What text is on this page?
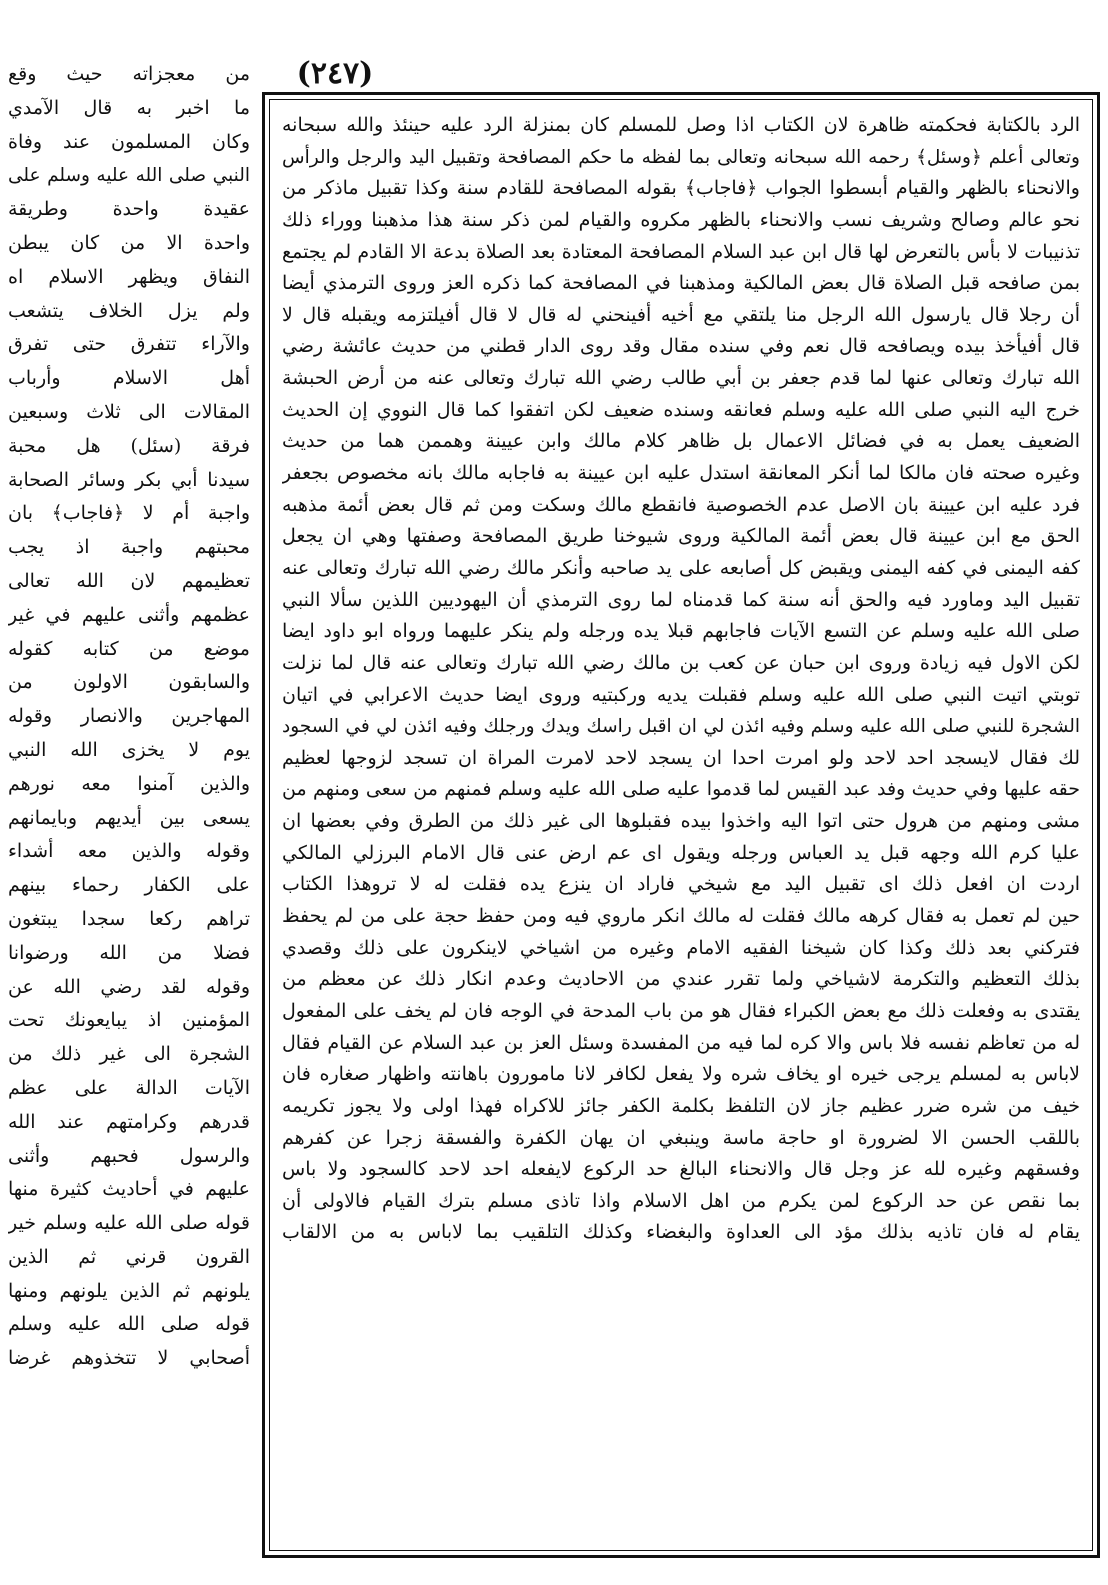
(٢٤٧)
الرد بالكتابة فحكمته ظاهرة لان الكتاب اذا وصل للمسلم كان بمنزلة الرد عليه حينئذ والله سبحانه
وتعالى أعلم ﴿وسئل﴾ رحمه الله سبحانه وتعالى بما لفظه ما حكم المصافحة وتقبيل اليد والرجل والرأس
والانحناء بالظهر والقيام أبسطوا الجواب ﴿فاجاب﴾ بقوله المصافحة للقادم سنة وكذا تقبيل ماذكر من
نحو عالم وصالح وشريف نسب والانحناء بالظهر مكروه والقيام لمن ذكر سنة هذا مذهبنا ووراء ذلك
تذنيبات لا بأس بالتعرض لها قال ابن عبد السلام المصافحة المعتادة بعد الصلاة بدعة الا القادم لم يجتمع
بمن صافحه قبل الصلاة قال بعض المالكية ومذهبنا في المصافحة كما ذكره العز وروى الترمذي أيضا
أن رجلا قال يارسول الله الرجل منا يلتقي مع أخيه أفينحني له قال لا قال أفيلتزمه ويقبله قال لا
قال أفيأخذ بيده ويصافحه قال نعم وفي سنده مقال وقد روى الدار قطني من حديث عائشة رضي
الله تبارك وتعالى عنها لما قدم جعفر بن أبي طالب رضي الله تبارك وتعالى عنه من أرض الحبشة
خرج اليه النبي صلى الله عليه وسلم فعانقه وسنده ضعيف لكن اتفقوا كما قال النووي إن الحديث
الضعيف يعمل به في فضائل الاعمال بل ظاهر كلام مالك وابن عيينة وهممن هما من حديث
وغيره صحته فان مالكا لما أنكر المعانقة استدل عليه ابن عيينة به فاجابه مالك بانه مخصوص بجعفر
فرد عليه ابن عيينة بان الاصل عدم الخصوصية فانقطع مالك وسكت ومن ثم قال بعض أئمة مذهبه
الحق مع ابن عيينة قال بعض أئمة المالكية وروى شيوخنا طريق المصافحة وصفتها وهي ان يجعل
كفه اليمنى في كفه اليمنى ويقبض كل أصابعه على يد صاحبه وأنكر مالك رضي الله تبارك وتعالى عنه
تقبيل اليد وماورد فيه والحق أنه سنة كما قدمناه لما روى الترمذي أن اليهوديين اللذين سألا النبي
صلى الله عليه وسلم عن التسع الآيات فاجابهم قبلا يده ورجله ولم ينكر عليهما ورواه ابو داود ايضا
لكن الاول فيه زيادة وروى ابن حبان عن كعب بن مالك رضي الله تبارك وتعالى عنه قال لما نزلت
توبتي اتيت النبي صلى الله عليه وسلم فقبلت يديه وركبتيه وروى ايضا حديث الاعرابي في اتيان
الشجرة للنبي صلى الله عليه وسلم وفيه ائذن لي ان اقبل راسك ويدك ورجلك وفيه ائذن لي في السجود
لك فقال لايسجد احد لاحد ولو امرت احدا ان يسجد لاحد لامرت المراة ان تسجد لزوجها لعظيم
حقه عليها وفي حديث وفد عبد القيس لما قدموا عليه صلى الله عليه وسلم فمنهم من سعى ومنهم من
مشى ومنهم من هرول حتى اتوا اليه واخذوا بيده فقبلوها الى غير ذلك من الطرق وفي بعضها ان
عليا كرم الله وجهه قبل يد العباس ورجله ويقول اى عم ارض عنى قال الامام البرزلي المالكي
اردت ان افعل ذلك اى تقبيل اليد مع شيخي فاراد ان ينزع يده فقلت له لا تروهذا الكتاب
حين لم تعمل به فقال كرهه مالك فقلت له مالك انكر ماروي فيه ومن حفظ حجة على من لم يحفظ
فتركني بعد ذلك وكذا كان شيخنا الفقيه الامام وغيره من اشياخي لاينكرون على ذلك وقصدي
بذلك التعظيم والتكرمة لاشياخي ولما تقرر عندي من الاحاديث وعدم انكار ذلك عن معظم من
يقتدى به وفعلت ذلك مع بعض الكبراء فقال هو من باب المدحة في الوجه فان لم يخف على المفعول
له من تعاظم نفسه فلا باس والا كره لما فيه من المفسدة وسئل العز بن عبد السلام عن القيام فقال
لاباس به لمسلم يرجى خيره او يخاف شره ولا يفعل لكافر لانا مامورون باهانته واظهار صغاره فان
خيف من شره ضرر عظيم جاز لان التلفظ بكلمة الكفر جائز للاكراه فهذا اولى ولا يجوز تكريمه
باللقب الحسن الا لضرورة او حاجة ماسة وينبغي ان يهان الكفرة والفسقة زجرا عن كفرهم
وفسقهم وغيره لله عز وجل قال والانحناء البالغ حد الركوع لايفعله احد لاحد كالسجود ولا باس
بما نقص عن حد الركوع لمن يكرم من اهل الاسلام واذا تاذى مسلم بترك القيام فالاولى أن
يقام له فان تاذيه بذلك مؤد الى العداوة والبغضاء وكذلك التلقيب بما لاباس به من الالقاب
من معجزاته حيث وقع
ما اخبر به قال الآمدي
وكان المسلمون عند وفاة
النبي صلى الله عليه وسلم على
عقيدة واحدة وطريقة
واحدة الا من كان يبطن
النفاق ويظهر الاسلام اه
ولم يزل الخلاف يتشعب
والآراء تتفرق حتى تفرق
أهل الاسلام وأرباب
المقالات الى ثلاث وسبعين
فرقة (سئل) هل محبة
سيدنا أبي بكر وسائر الصحابة
واجبة أم لا ﴿فاجاب﴾ بان
محبتهم واجبة اذ يجب
تعظيمهم لان الله تعالى
عظمهم وأثنى عليهم في غير
موضع من كتابه كقوله
والسابقون الاولون من
المهاجرين والانصار وقوله
يوم لا يخزى الله النبي
والذين آمنوا معه نورهم
يسعى بين أيديهم وبايمانهم
وقوله والذين معه أشداء
على الكفار رحماء بينهم
تراهم ركعا سجدا يبتغون
فضلا من الله ورضوانا
وقوله لقد رضي الله عن
المؤمنين اذ يبايعونك تحت
الشجرة الى غير ذلك من
الآيات الدالة على عظم
قدرهم وكرامتهم عند الله
والرسول فحبهم وأثنى
عليهم في أحاديث كثيرة منها
قوله صلى الله عليه وسلم خير
القرون قرني ثم الذين
يلونهم ثم الذين يلونهم ومنها
قوله صلى الله عليه وسلم
أصحابي لا تتخذوهم غرضا
